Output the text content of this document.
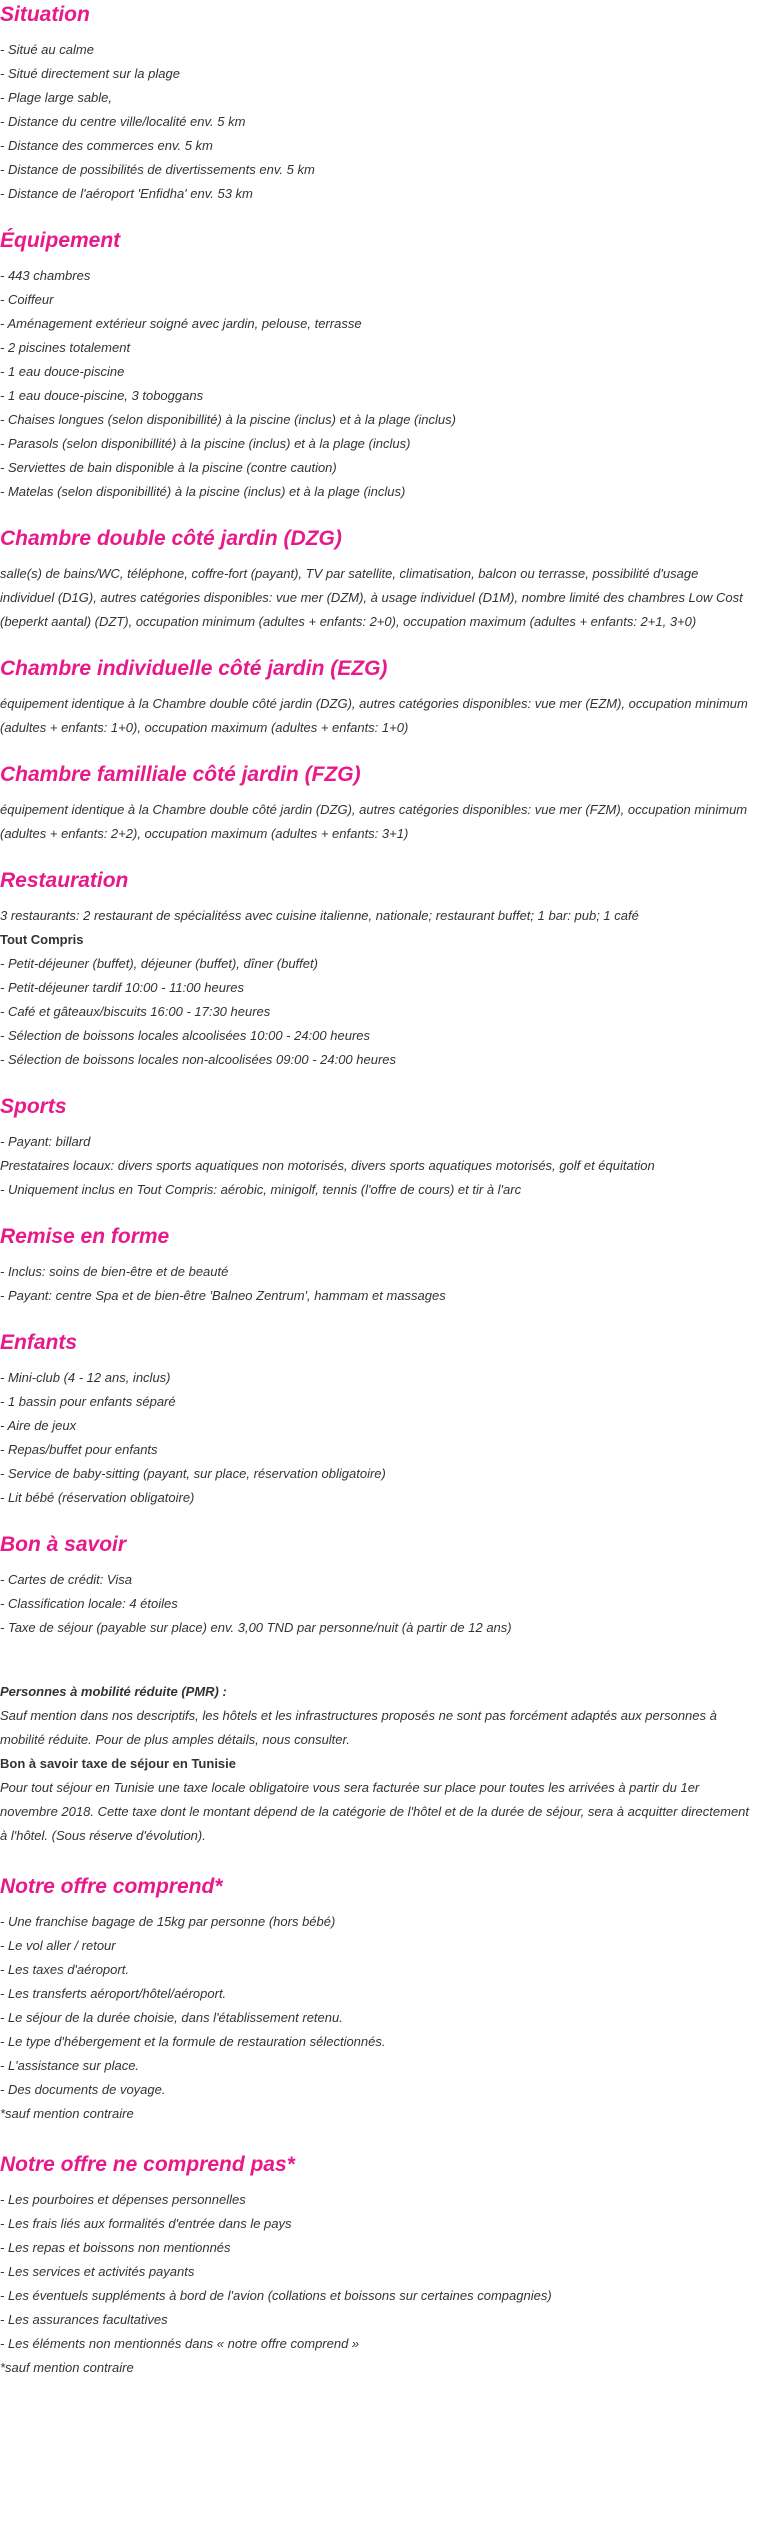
Situation

- Situé au calme

- Situé directement sur la plage

- Plage large sable,

- Distance du centre ville/localité env. 5 km

- Distance des commerces env. 5 km

- Distance de possibilités de divertissements env. 5 km

- Distance de l'aéroport 'Enfidha' env. 53 km

Équipement

- 443 chambres

- Coiffeur

- Aménagement extérieur soigné avec jardin, pelouse, terrasse

- 2 piscines totalement

- 1 eau douce-piscine

- 1 eau douce-piscine, 3 toboggans

- Chaises longues (selon disponibillité) à la piscine (inclus) et à la plage (inclus)

- Parasols (selon disponibillité) à la piscine (inclus) et à la plage (inclus)

- Serviettes de bain disponible à la piscine (contre caution)

- Matelas (selon disponibillité) à la piscine (inclus) et à la plage (inclus)

Chambre double côté jardin (DZG)

salle(s) de bains/WC, téléphone, coffre-fort (payant), TV par satellite, climatisation, balcon ou terrasse, possibilité d'usage individuel (D1G), autres catégories disponibles: vue mer (DZM), à usage individuel (D1M), nombre limité des chambres Low Cost (beperkt aantal) (DZT), occupation minimum (adultes + enfants: 2+0), occupation maximum (adultes + enfants: 2+1, 3+0)

Chambre individuelle côté jardin (EZG)

équipement identique à la Chambre double côté jardin (DZG), autres catégories disponibles: vue mer (EZM), occupation minimum (adultes + enfants: 1+0), occupation maximum (adultes + enfants: 1+0)

Chambre familliale côté jardin (FZG)

équipement identique à la Chambre double côté jardin (DZG), autres catégories disponibles: vue mer (FZM), occupation minimum (adultes + enfants: 2+2), occupation maximum (adultes + enfants: 3+1)

Restauration

3 restaurants: 2 restaurant de spécialitéss avec cuisine italienne, nationale; restaurant buffet; 1 bar: pub; 1 café

Tout Compris

- Petit-déjeuner (buffet), déjeuner (buffet), dîner (buffet)

- Petit-déjeuner tardif 10:00 - 11:00 heures

- Café et gâteaux/biscuits 16:00 - 17:30 heures

- Sélection de boissons locales alcoolisées 10:00 - 24:00 heures

- Sélection de boissons locales non-alcoolisées 09:00 - 24:00 heures

Sports

- Payant: billard

Prestataires locaux: divers sports aquatiques non motorisés, divers sports aquatiques motorisés, golf et équitation

- Uniquement inclus en Tout Compris: aérobic, minigolf, tennis (l'offre de cours) et tir à l'arc

Remise en forme

- Inclus: soins de bien-être et de beauté

- Payant: centre Spa et de bien-être 'Balneo Zentrum', hammam et massages

Enfants

- Mini-club (4 - 12 ans, inclus)

- 1 bassin pour enfants séparé

- Aire de jeux

- Repas/buffet pour enfants

- Service de baby-sitting (payant, sur place, réservation obligatoire)

- Lit bébé (réservation obligatoire)

Bon à savoir

- Cartes de crédit: Visa

- Classification locale: 4 étoiles

- Taxe de séjour (payable sur place) env. 3,00 TND par personne/nuit (à partir de 12 ans)

Personnes à mobilité réduite (PMR) :

Sauf mention dans nos descriptifs, les hôtels et les infrastructures proposés ne sont pas forcément adaptés aux personnes à mobilité réduite. Pour de plus amples détails, nous consulter.

Bon à savoir taxe de séjour en Tunisie

Pour tout séjour en Tunisie une taxe locale obligatoire vous sera facturée sur place pour toutes les arrivées à partir du 1er novembre 2018. Cette taxe dont le montant dépend de la catégorie de l'hôtel et de la durée de séjour, sera à acquitter directement à l'hôtel. (Sous réserve d'évolution).

Notre offre comprend*

- Une franchise bagage de 15kg par personne (hors bébé)

- Le vol aller / retour

- Les taxes d'aéroport.

- Les transferts aéroport/hôtel/aéroport.

- Le séjour de la durée choisie, dans l'établissement retenu.

- Le type d'hébergement et la formule de restauration sélectionnés.

- L'assistance sur place.

- Des documents de voyage.

*sauf mention contraire

Notre offre ne comprend pas*

- Les pourboires et dépenses personnelles

- Les frais liés aux formalités d'entrée dans le pays

- Les repas et boissons non mentionnés

- Les services et activités payants

- Les éventuels suppléments à bord de l'avion (collations et boissons sur certaines compagnies)

- Les assurances facultatives

- Les éléments non mentionnés dans « notre offre comprend »

*sauf mention contraire
